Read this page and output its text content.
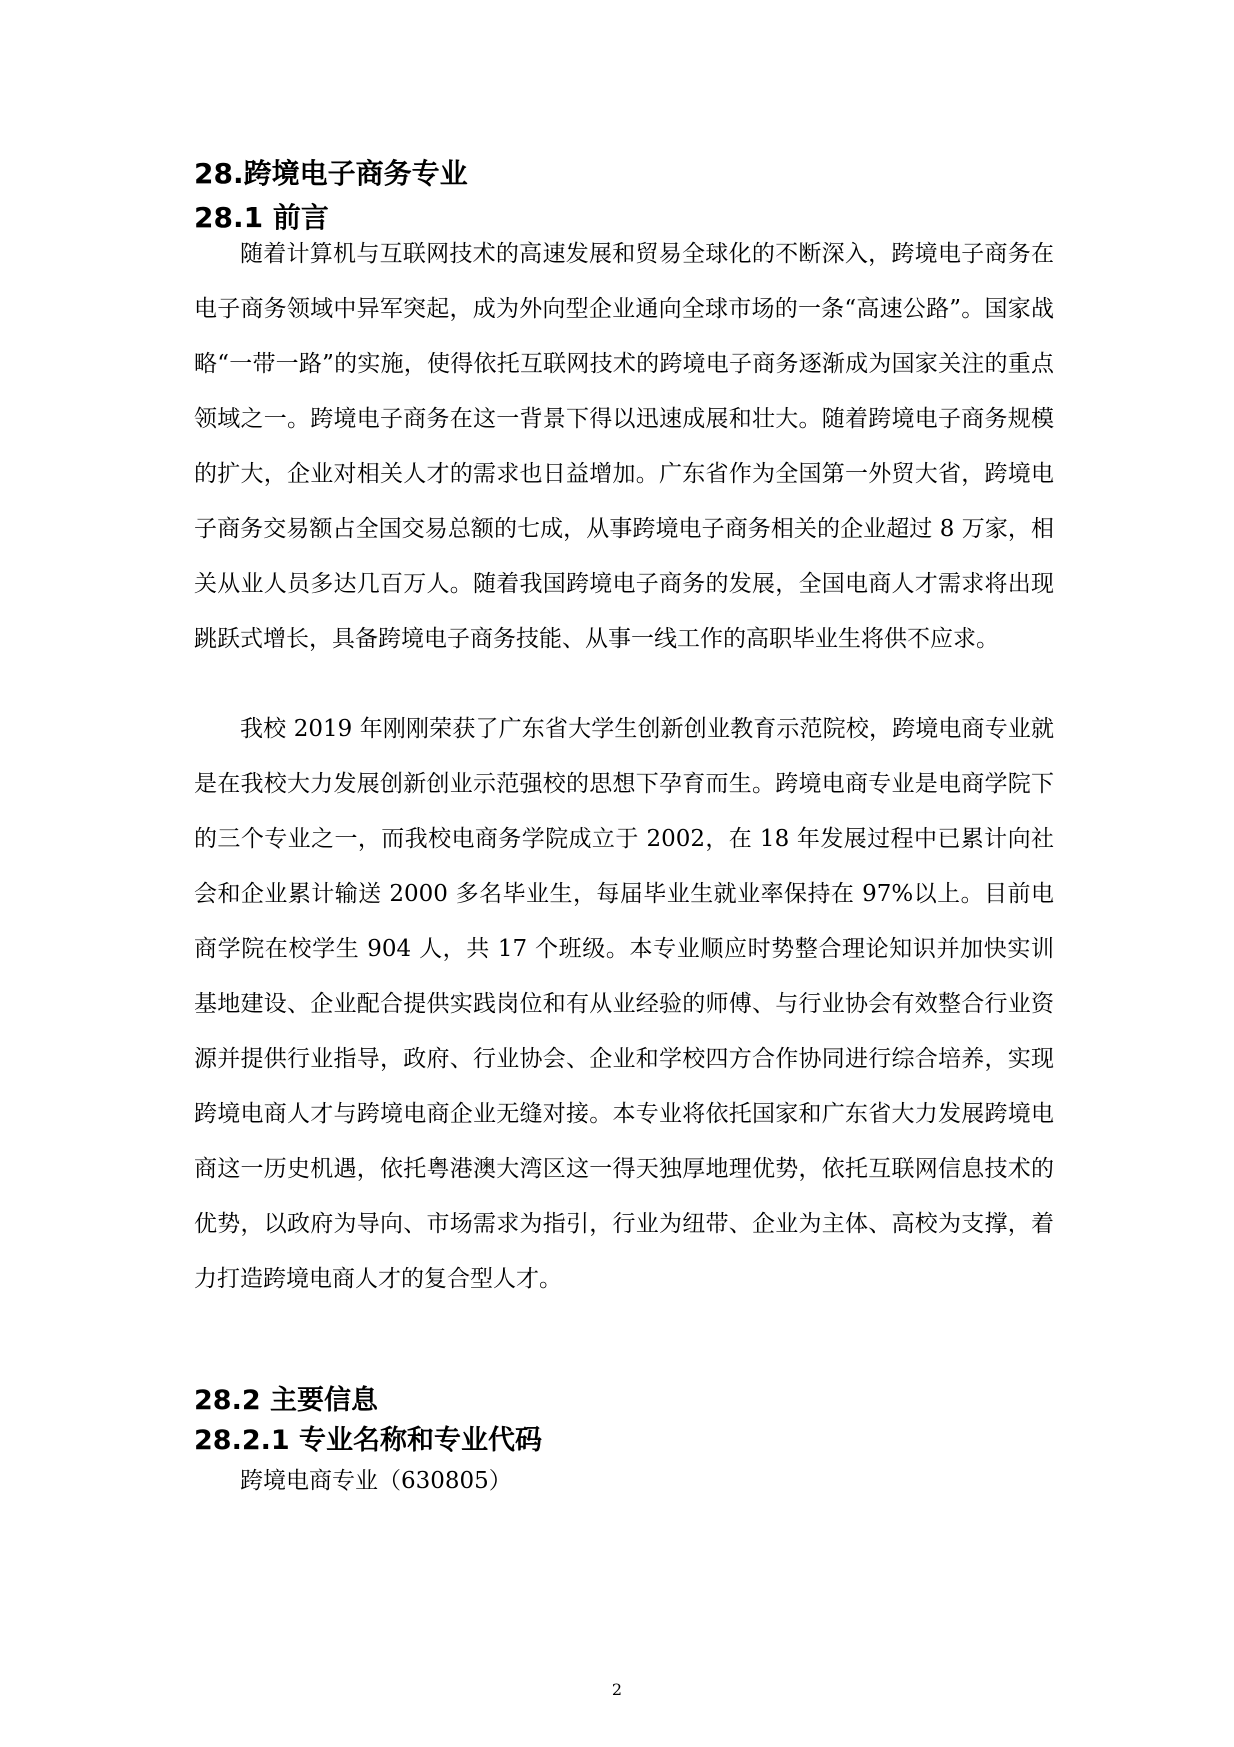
28.跨境电子商务专业
28.1 前言

随着计算机与互联网技术的高速发展和贸易全球化的不断深入，跨境电子商务在电子商务领域中异军突起，成为外向型企业通向全球市场的一条“高速公路”。国家战略“一带一路”的实施，使得依托互联网技术的跨境电子商务逐渐成为国家关注的重点领域之一。跨境电子商务在这一背景下得以迅速成展和壮大。随着跨境电子商务规模的扩大，企业对相关人才的需求也日益增加。广东省作为全国第一外贸大省，跨境电子商务交易额占全国交易总额的七成，从事跨境电子商务相关的企业超过 8 万家，相关从业人员多达几百万人。随着我国跨境电子商务的发展，全国电商人才需求将出现跳跃式增长，具备跨境电子商务技能、从事一线工作的高职毕业生将供不应求。

我校 2019 年刚刚荣获了广东省大学生创新创业教育示范院校，跨境电商专业就是在我校大力发展创新创业示范强校的思想下孕育而生。跨境电商专业是电商学院下的三个专业之一，而我校电商务学院成立于 2002，在 18 年发展过程中已累计向社会和企业累计输送 2000 多名毕业生，每届毕业生就业率保持在 97%以上。目前电商学院在校学生 904 人，共 17 个班级。本专业顺应时势整合理论知识并加快实训基地建设、企业配合提供实践岗位和有从业经验的师傅、与行业协会有效整合行业资源并提供行业指导，政府、行业协会、企业和学校四方合作协同进行综合培养，实现跨境电商人才与跨境电商企业无缝对接。本专业将依托国家和广东省大力发展跨境电商这一历史机遇，依托粤港澳大湾区这一得天独厚地理优势，依托互联网信息技术的优势，以政府为导向、市场需求为指引，行业为纽带、企业为主体、高校为支撑，着力打造跨境电商人才的复合型人才。

28.2 主要信息
28.2.1 专业名称和专业代码

跨境电商专业（630805）

2
